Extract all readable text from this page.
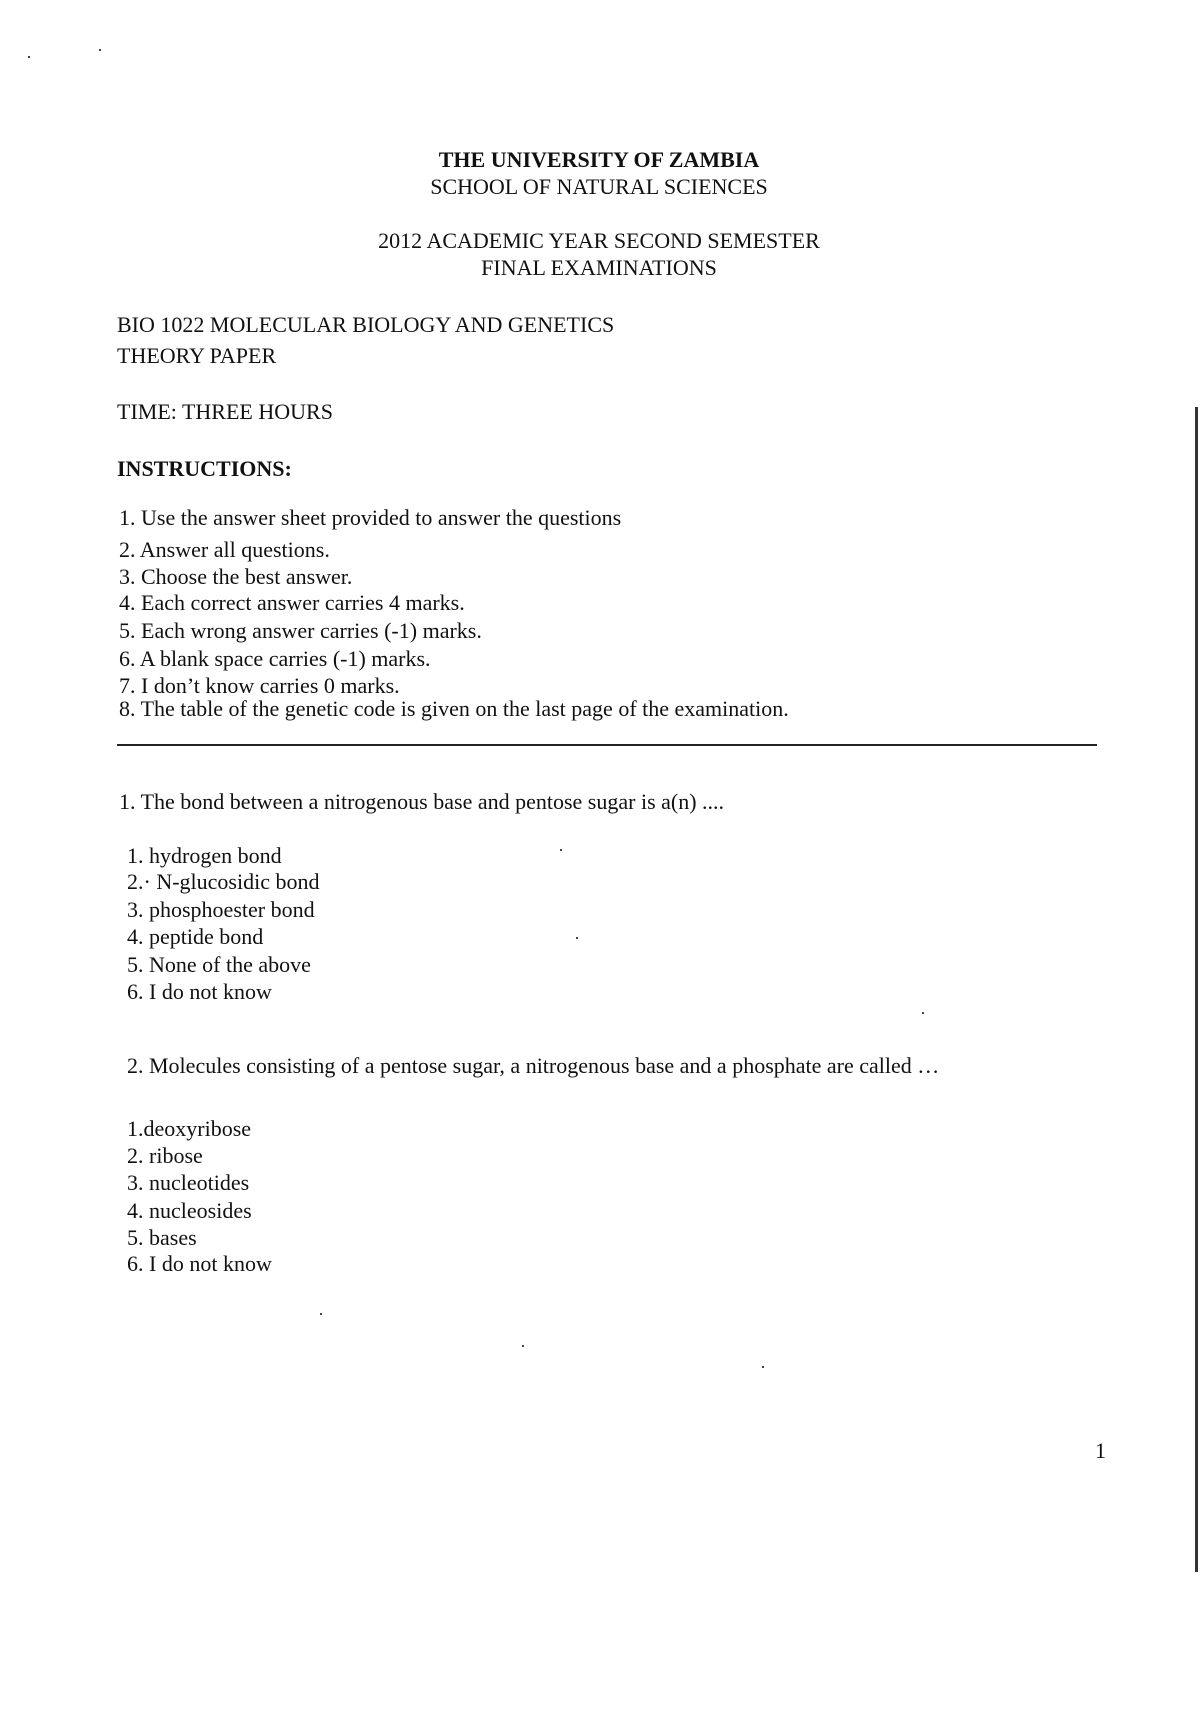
THE UNIVERSITY OF ZAMBIA
SCHOOL OF NATURAL SCIENCES
2012 ACADEMIC YEAR SECOND SEMESTER
FINAL EXAMINATIONS
BIO 1022 MOLECULAR BIOLOGY AND GENETICS
THEORY PAPER
TIME: THREE HOURS
INSTRUCTIONS:
1. Use the answer sheet provided to answer the questions
2. Answer all questions.
3. Choose the best answer.
4. Each correct answer carries 4 marks.
5. Each wrong answer carries (-1) marks.
6. A blank space carries (-1) marks.
7. I don’t know carries 0 marks.
8. The table of the genetic code is given on the last page of the examination.
1. The bond between a nitrogenous base and pentose sugar is a(n) ....
1. hydrogen bond
2.· N-glucosidic bond
3. phosphoester bond
4. peptide bond
5. None of the above
6. I do not know
2. Molecules consisting of a pentose sugar, a nitrogenous base and a phosphate are called …
1.deoxyribose
2. ribose
3. nucleotides
4. nucleosides
5. bases
6. I do not know
1
